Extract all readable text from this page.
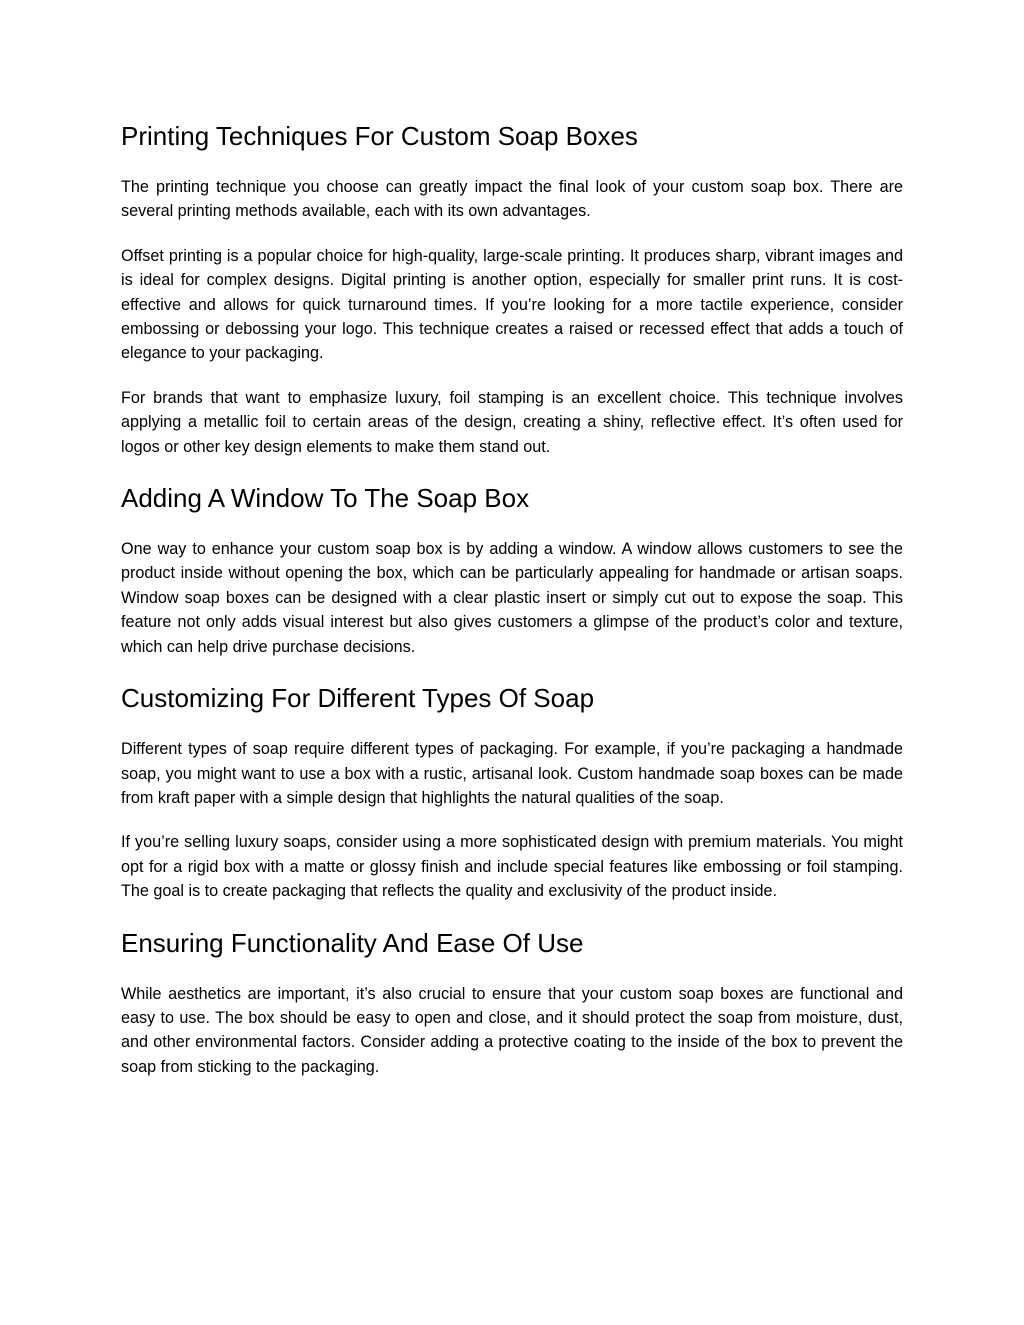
Printing Techniques For Custom Soap Boxes

The printing technique you choose can greatly impact the final look of your custom soap box. There are several printing methods available, each with its own advantages.

Offset printing is a popular choice for high-quality, large-scale printing. It produces sharp, vibrant images and is ideal for complex designs. Digital printing is another option, especially for smaller print runs. It is cost-effective and allows for quick turnaround times. If you’re looking for a more tactile experience, consider embossing or debossing your logo. This technique creates a raised or recessed effect that adds a touch of elegance to your packaging.

For brands that want to emphasize luxury, foil stamping is an excellent choice. This technique involves applying a metallic foil to certain areas of the design, creating a shiny, reflective effect. It’s often used for logos or other key design elements to make them stand out.

Adding A Window To The Soap Box

One way to enhance your custom soap box is by adding a window. A window allows customers to see the product inside without opening the box, which can be particularly appealing for handmade or artisan soaps. Window soap boxes can be designed with a clear plastic insert or simply cut out to expose the soap. This feature not only adds visual interest but also gives customers a glimpse of the product’s color and texture, which can help drive purchase decisions.

Customizing For Different Types Of Soap

Different types of soap require different types of packaging. For example, if you’re packaging a handmade soap, you might want to use a box with a rustic, artisanal look. Custom handmade soap boxes can be made from kraft paper with a simple design that highlights the natural qualities of the soap.

If you’re selling luxury soaps, consider using a more sophisticated design with premium materials. You might opt for a rigid box with a matte or glossy finish and include special features like embossing or foil stamping. The goal is to create packaging that reflects the quality and exclusivity of the product inside.

Ensuring Functionality And Ease Of Use

While aesthetics are important, it’s also crucial to ensure that your custom soap boxes are functional and easy to use. The box should be easy to open and close, and it should protect the soap from moisture, dust, and other environmental factors. Consider adding a protective coating to the inside of the box to prevent the soap from sticking to the packaging.
